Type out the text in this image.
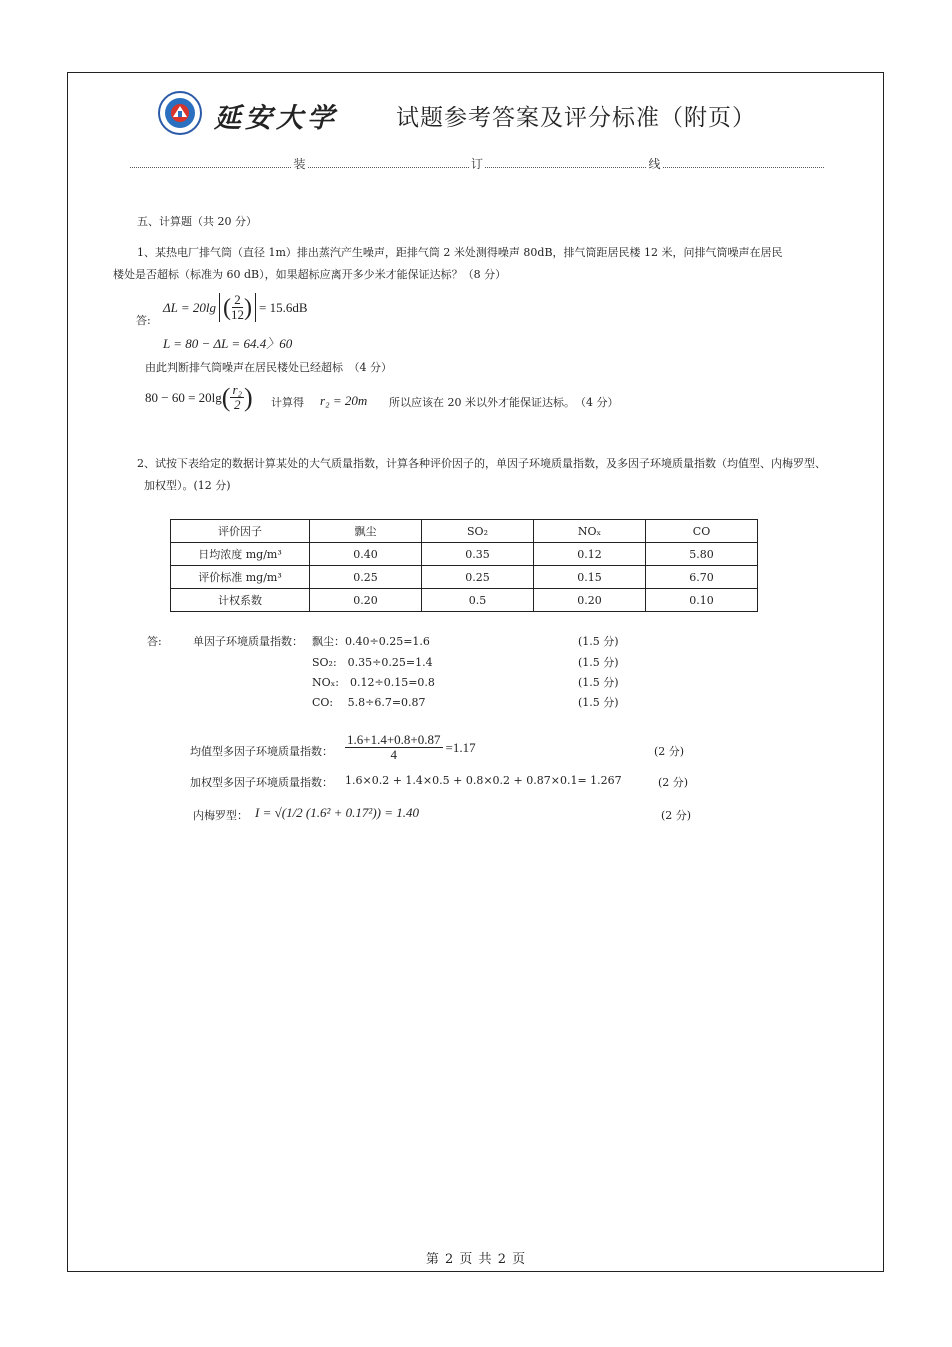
延安大学	试题参考答案及评分标准（附页）
装	订	线
五、计算题（共 20 分）
1、某热电厂排气筒（直径 1m）排出蒸汽产生噪声，距排气筒 2 米处测得噪声 80dB，排气筒距居民楼 12 米，问排气筒噪声在居民
楼处是否超标（标准为 60 dB），如果超标应离开多少米才能保证达标？（8 分）
答:
ΔL = 20lg ( $\frac{2}{12}$ ) = 15.6dB
L = 80 − ΔL = 64.4〉60
由此判断排气筒噪声在居民楼处已经超标　（4 分）
80 − 60 = 20lg ( $\frac{\text{r₂}}{2}$ ) 计算得 r₂ = 20m 所以应该在 20 米以外才能保证达标。　（4 分）
2、试按下表给定的数据计算某处的大气质量指数，计算各种评价因子的，单因子环境质量指数，及多因子环境质量指数（均值型、内梅罗型、
加权型）。(12 分)
评价因子	飘尘	SO₂	NOₓ	CO
日均浓度 mg/m³	0.40	0.35	0.12	5.80
评价标准 mg/m³	0.25	0.25	0.15	6.70
计权系数	0.20	0.5	0.20	0.10
答:	单因子环境质量指数： 飘尘：0.40÷0.25=1.6	(1.5 分)
SO₂:　0.35÷0.25=1.4	(1.5 分)
NOₓ:　0.12÷0.15=0.8	(1.5 分)
CO:　 5.8÷6.7=0.87	(1.5 分)
均值型多因子环境质量指数： $\frac{1.6+1.4+0.8+0.87}{4} =1.17$	(2 分)
加权型多因子环境质量指数： 1.6×0.2 + 1.4×0.5 + 0.8×0.2 + 0.87×0.1= 1.267	(2 分)
内梅罗型： I = √(1/2 (1.6² + 0.17²)) = 1.40	(2 分)
第 2 页 共 2 页
